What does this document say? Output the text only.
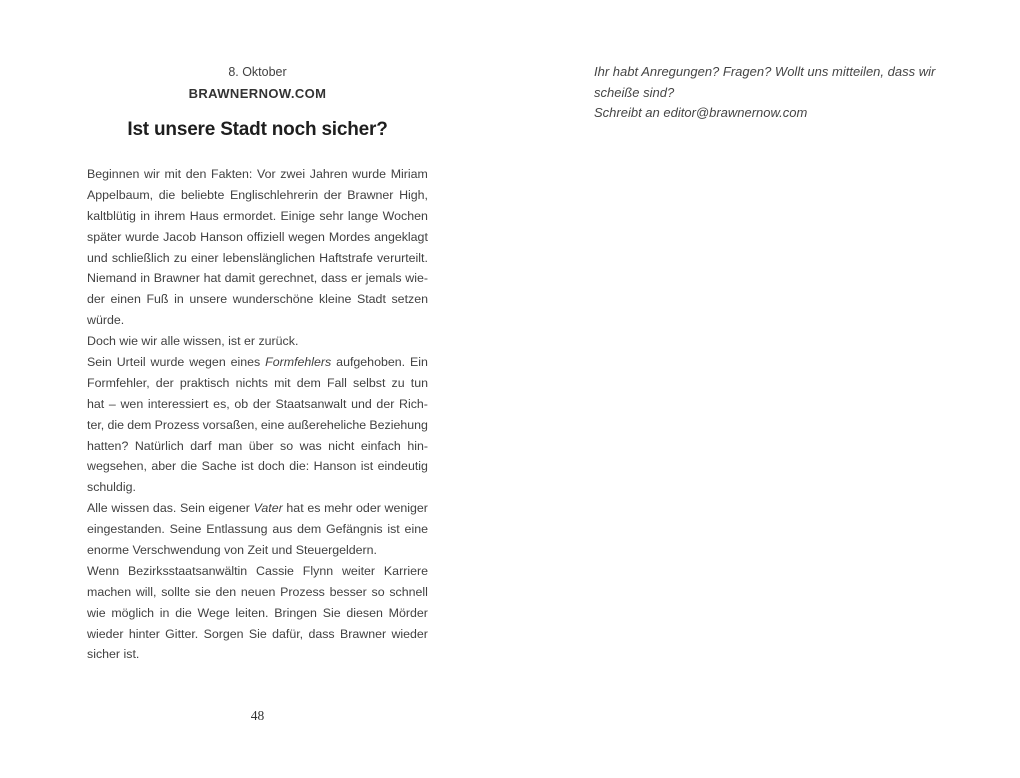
8. Oktober
BRAWNERNOW.COM
Ist unsere Stadt noch sicher?
Beginnen wir mit den Fakten: Vor zwei Jahren wurde Miriam
Appelbaum, die beliebte Englischlehrerin der Brawner High,
kaltblütig in ihrem Haus ermordet. Einige sehr lange Wochen
später wurde Jacob Hanson offiziell wegen Mordes angeklagt
und schließlich zu einer lebenslänglichen Haftstrafe verurteilt.
Niemand in Brawner hat damit gerechnet, dass er jemals wie-
der einen Fuß in unsere wunderschöne kleine Stadt setzen
würde.
Doch wie wir alle wissen, ist er zurück.
Sein Urteil wurde wegen eines Formfehlers aufgehoben. Ein
Formfehler, der praktisch nichts mit dem Fall selbst zu tun
hat – wen interessiert es, ob der Staatsanwalt und der Rich-
ter, die dem Prozess vorsaßen, eine außereheliche Beziehung
hatten? Natürlich darf man über so was nicht einfach hin-
wegsehen, aber die Sache ist doch die: Hanson ist eindeutig
schuldig.
Alle wissen das. Sein eigener Vater hat es mehr oder weniger
eingestanden. Seine Entlassung aus dem Gefängnis ist eine
enorme Verschwendung von Zeit und Steuergeldern.
Wenn Bezirksstaatsanwältin Cassie Flynn weiter Karriere
machen will, sollte sie den neuen Prozess besser so schnell
wie möglich in die Wege leiten. Bringen Sie diesen Mörder
wieder hinter Gitter. Sorgen Sie dafür, dass Brawner wieder
sicher ist.
48
Ihr habt Anregungen? Fragen? Wollt uns mitteilen, dass wir
scheiße sind?
Schreibt an editor@brawnernow.com
